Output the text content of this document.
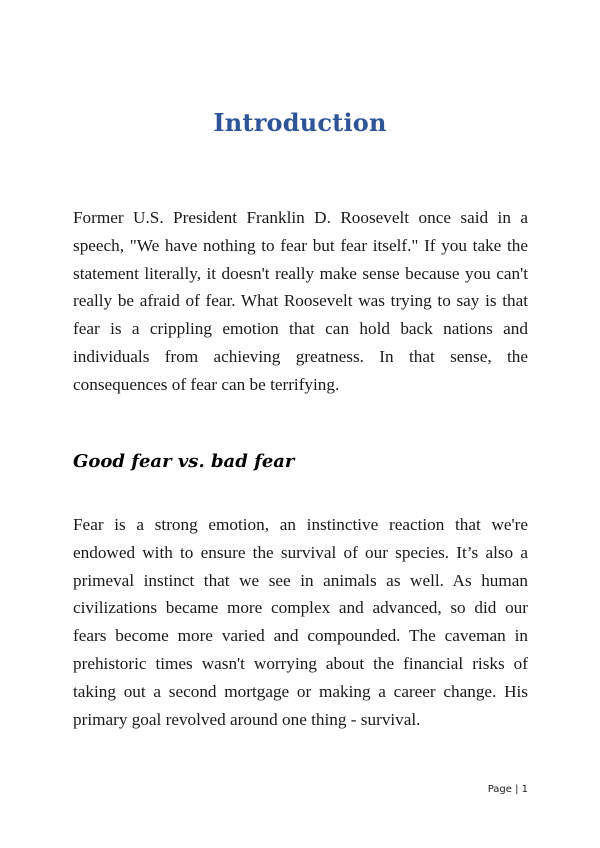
Introduction

Former U.S. President Franklin D. Roosevelt once said in a speech, "We have nothing to fear but fear itself." If you take the statement literally, it doesn't really make sense because you can't really be afraid of fear. What Roosevelt was trying to say is that fear is a crippling emotion that can hold back nations and individuals from achieving greatness. In that sense, the consequences of fear can be terrifying.

Good fear vs. bad fear

Fear is a strong emotion, an instinctive reaction that we're endowed with to ensure the survival of our species. It’s also a primeval instinct that we see in animals as well. As human civilizations became more complex and advanced, so did our fears become more varied and compounded. The caveman in prehistoric times wasn't worrying about the financial risks of taking out a second mortgage or making a career change. His primary goal revolved around one thing - survival.

Page | 1
